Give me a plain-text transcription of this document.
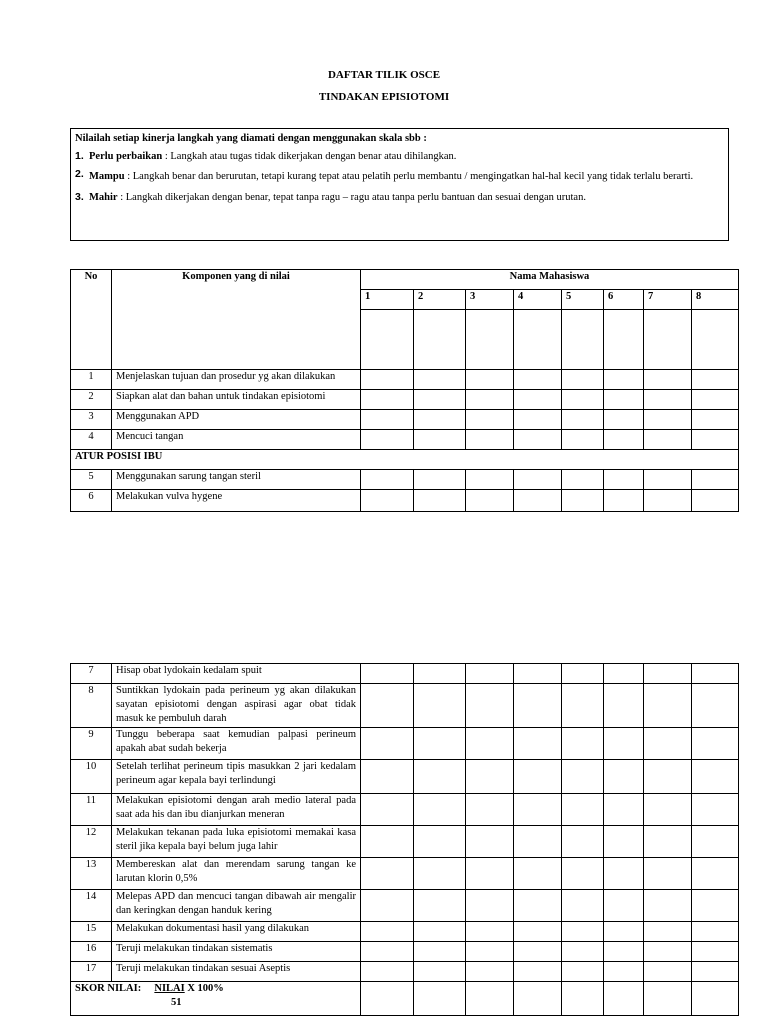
DAFTAR TILIK OSCE
TINDAKAN EPISIOTOMI
Nilailah setiap kinerja langkah yang diamati dengan menggunakan skala sbb :
1. Perlu perbaikan : Langkah atau tugas tidak dikerjakan dengan benar atau dihilangkan.
2. Mampu : Langkah benar dan berurutan, tetapi kurang tepat atau pelatih perlu membantu / mengingatkan hal-hal kecil yang tidak terlalu berarti.
3. Mahir : Langkah dikerjakan dengan benar, tepat tanpa ragu – ragu atau tanpa perlu bantuan dan sesuai dengan urutan.
No	Komponen yang di nilai	Nama Mahasiswa							
		1	2	3	4	5	6	7	8

1	Menjelaskan tujuan dan prosedur yg akan dilakukan								
2	Siapkan alat dan bahan untuk tindakan episiotomi								
3	Menggunakan APD								
4	Mencuci tangan								
ATUR POSISI IBU									
5	Menggunakan sarung tangan steril								
6	Melakukan vulva hygene								
7	Hisap obat lydokain kedalam spuit								
8	Suntikkan lydokain pada perineum yg akan dilakukan sayatan episiotomi dengan aspirasi agar obat tidak masuk ke pembuluh darah								
9	Tunggu beberapa saat kemudian palpasi perineum apakah abat sudah bekerja								
10	Setelah terlihat perineum tipis masukkan 2 jari kedalam perineum agar kepala bayi terlindungi								
11	Melakukan episiotomi dengan arah medio lateral pada saat ada his dan ibu dianjurkan meneran								
12	Melakukan tekanan pada luka episiotomi memakai kasa steril jika kepala bayi belum juga lahir								
13	Membereskan alat dan merendam sarung tangan ke larutan klorin 0,5%								
14	Melepas APD dan mencuci tangan dibawah air mengalir dan keringkan dengan handuk kering								
15	Melakukan dokumentasi hasil yang dilakukan								
16	Teruji melakukan tindakan sistematis								
17	Teruji melakukan tindakan sesuai Aseptis								

SKOR NILAI: NILAI X 100%
51									
